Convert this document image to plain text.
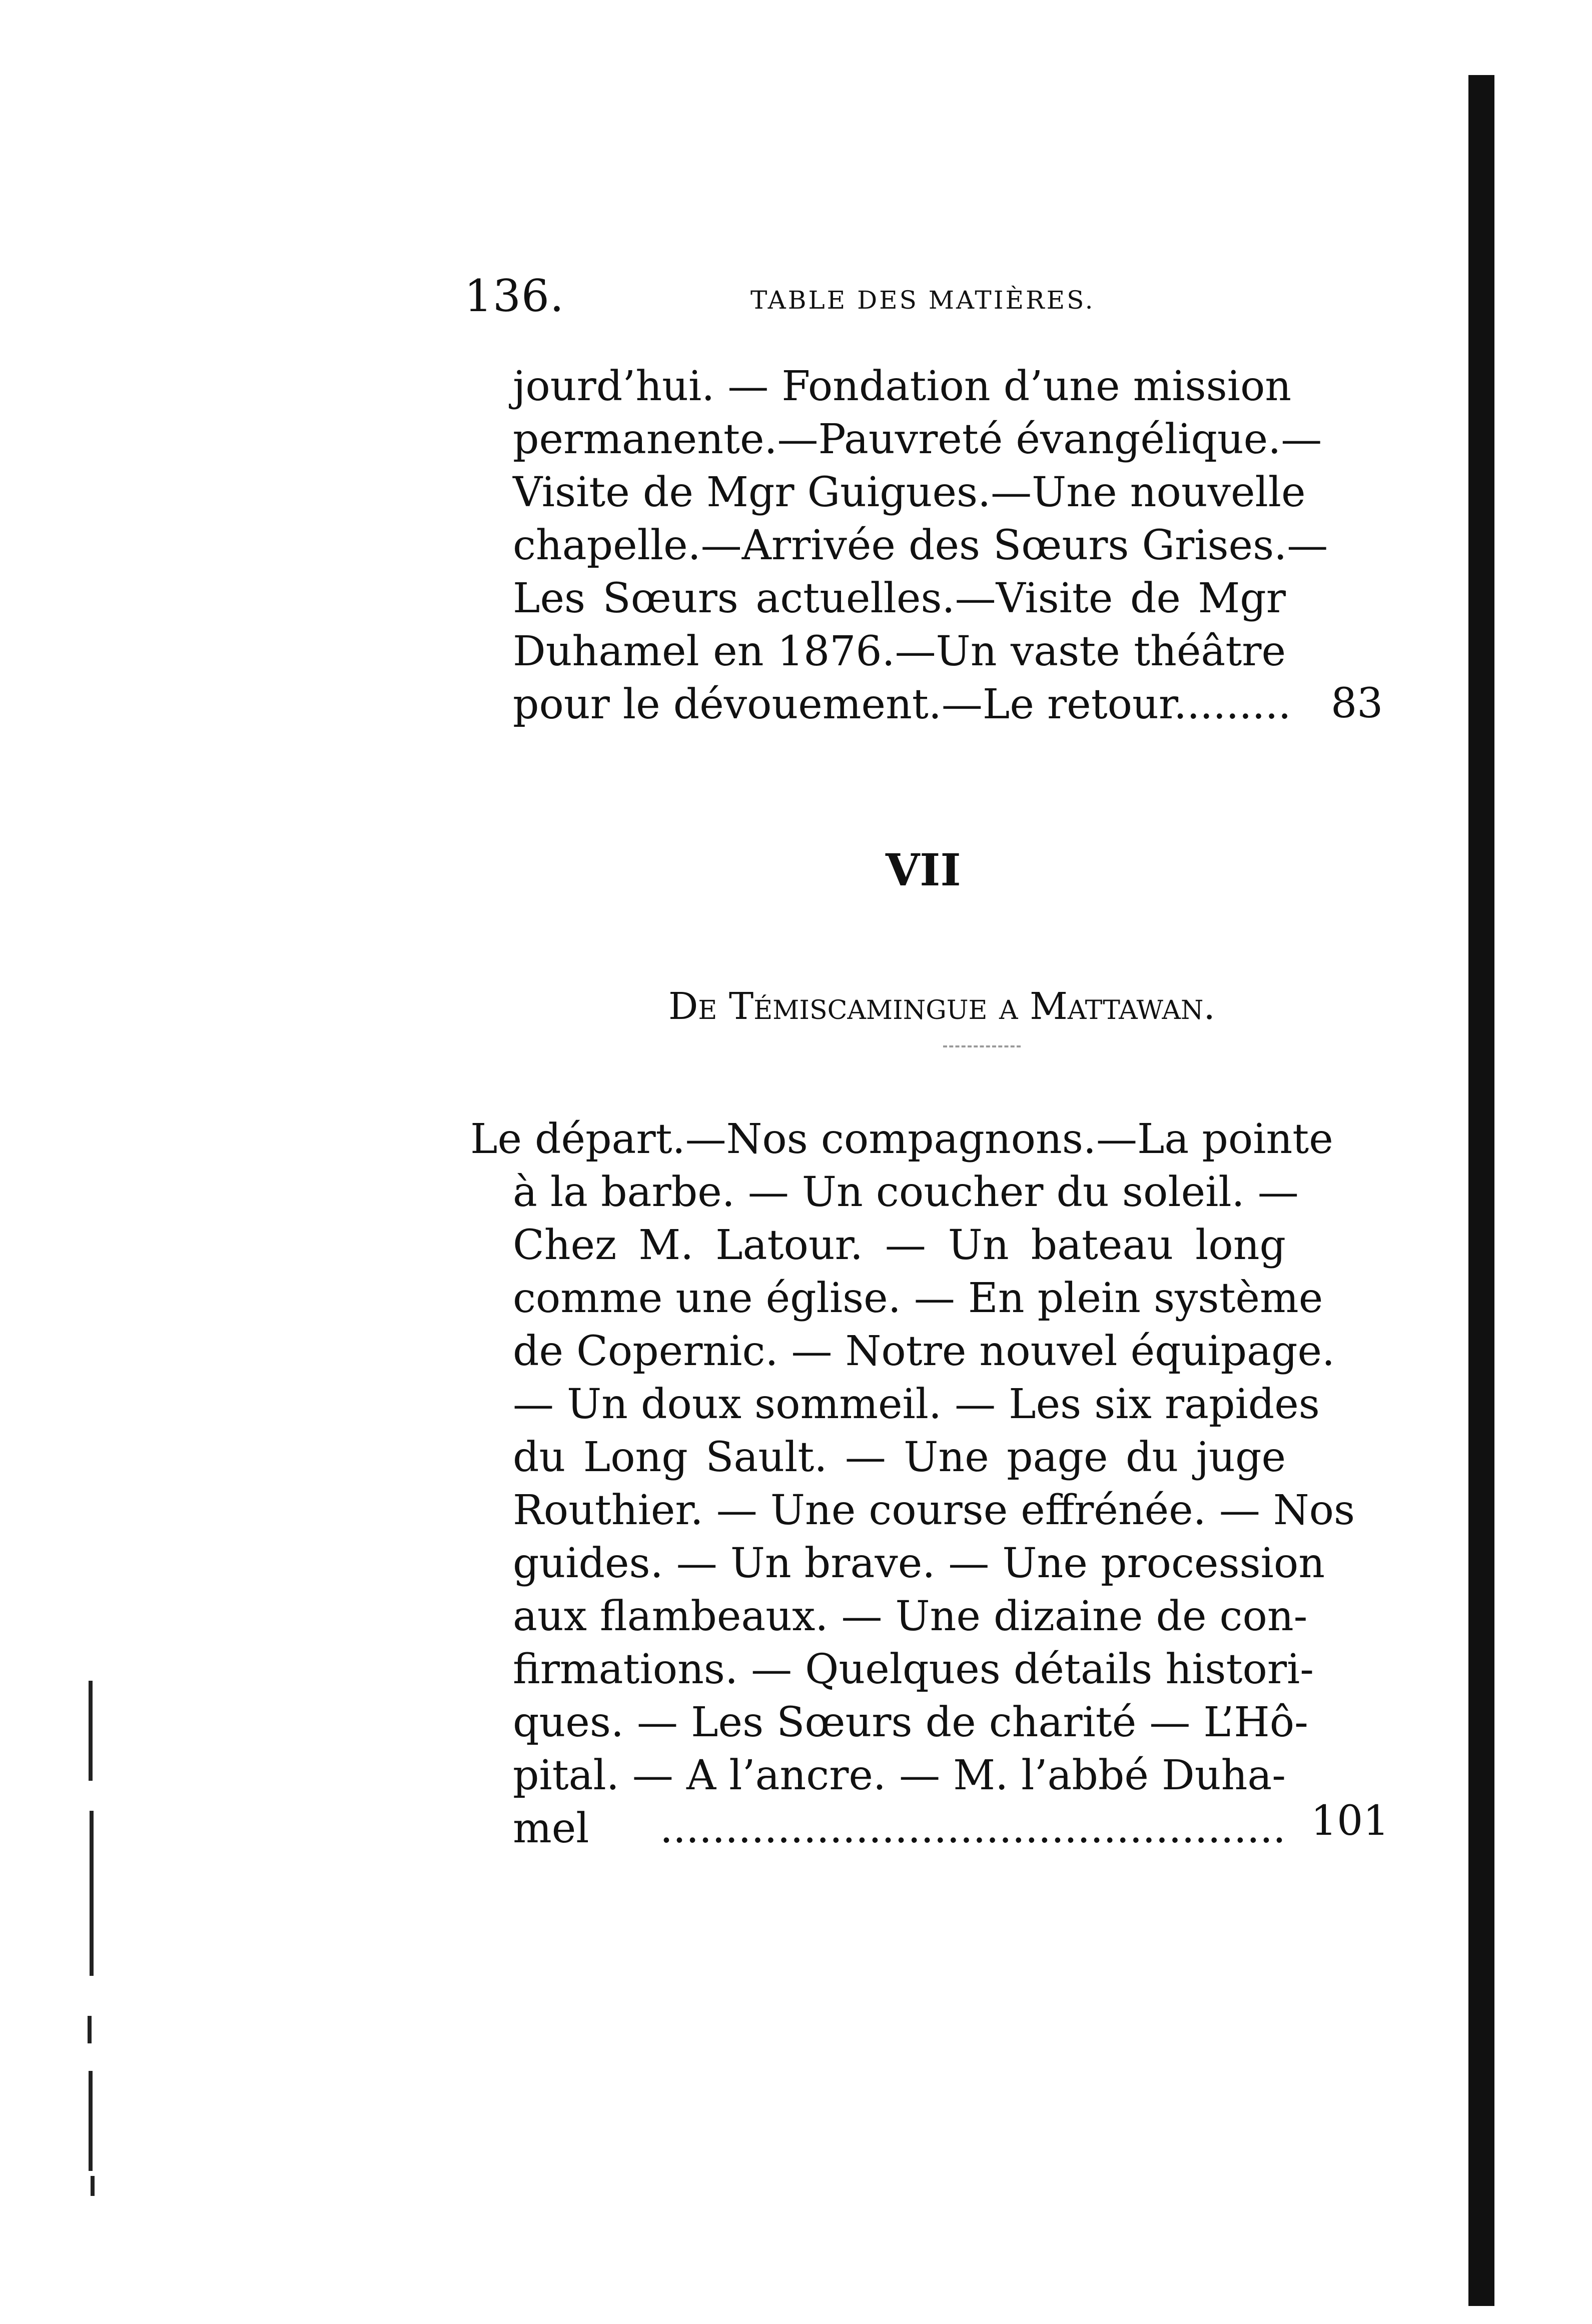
136.	TABLE DES MATIÈRES.
jourd’hui. — Fondation d’une mission
permanente.—Pauvreté évangélique.—
Visite de Mgr Guigues.—Une nouvelle
chapelle.—Arrivée des Sœurs Grises.—
Les Sœurs actuelles.—Visite de Mgr
Duhamel en 1876.—Un vaste théâtre
pour le dévouement.—Le retour......... 83
VII
De Témiscamingue a Mattawan.
Le départ.—Nos compagnons.—La pointe
à la barbe. — Un coucher du soleil. —
Chez M. Latour. — Un bateau long
comme une église. — En plein système
de Copernic. — Notre nouvel équipage.
— Un doux sommeil. — Les six rapides
du Long Sault. — Une page du juge
Routhier. — Une course effrénée. — Nos
guides. — Un brave. — Une procession
aux flambeaux. — Une dizaine de con-
firmations. — Quelques détails histori-
ques. — Les Sœurs de charité — L’Hô-
pital. — A l’ancre. — M. l’abbé Duha-
mel ................................................ 101
